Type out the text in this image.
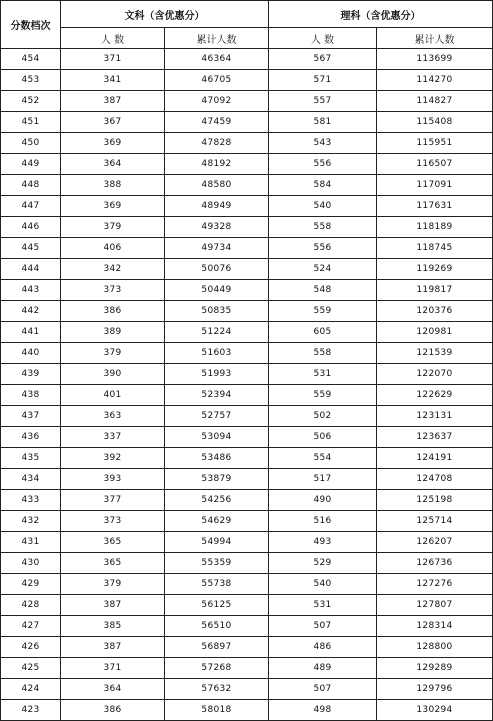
分数档次	文科（含优惠分）		理科（含优惠分）	
	人 数	累计人数	人 数	累计人数
454	371	46364	567	113699
453	341	46705	571	114270
452	387	47092	557	114827
451	367	47459	581	115408
450	369	47828	543	115951
449	364	48192	556	116507
448	388	48580	584	117091
447	369	48949	540	117631
446	379	49328	558	118189
445	406	49734	556	118745
444	342	50076	524	119269
443	373	50449	548	119817
442	386	50835	559	120376
441	389	51224	605	120981
440	379	51603	558	121539
439	390	51993	531	122070
438	401	52394	559	122629
437	363	52757	502	123131
436	337	53094	506	123637
435	392	53486	554	124191
434	393	53879	517	124708
433	377	54256	490	125198
432	373	54629	516	125714
431	365	54994	493	126207
430	365	55359	529	126736
429	379	55738	540	127276
428	387	56125	531	127807
427	385	56510	507	128314
426	387	56897	486	128800
425	371	57268	489	129289
424	364	57632	507	129796
423	386	58018	498	130294
